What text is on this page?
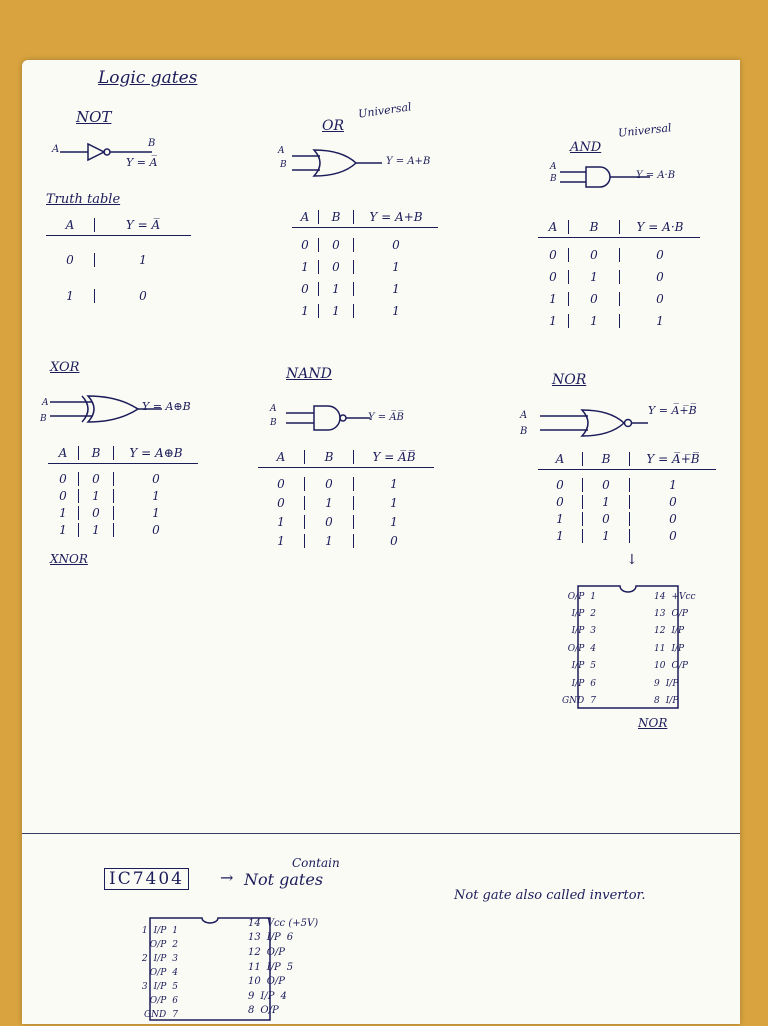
Logic gates
NOT
A
B
Y = A̅
Truth table
A	Y = A̅
0	1
1	0
OR
Universal
A
B	Y = A+B
A	B	Y = A+B
0	0	0
1	0	1
0	1	1
1	1	1
AND
Universal
A
B	Y = A·B
A	B	Y = A·B
0	0	0
0	1	0
1	0	0
1	1	1
XOR
A
B
Y = A⊕B
A	B	Y = A⊕B
0	0	0
0	1	1
1	0	1
1	1	0
XNOR
NAND
A
B	Y = A̅B̅
A	B	Y = A̅B̅
0	0	1
0	1	1
1	0	1
1	1	0
NOR
A
B
Y = A̅+̅B̅
A	B	Y = A̅+̅B̅
0	0	1
0	1	0
1	0	0
1	1	0
↓
O/P 1
I/P 2
I/P 3
O/P 4
I/P 5
I/P 6
GND 7
14 +Vcc
13 O/P
12 I/P
11 I/P
10 O/P
9 I/P
8 I/P
NOR
Contain
IC7404	→ Not gates
Not gate also called invertor.
1 I/P 1
O/P 2
2 I/P 3
O/P 4
3 I/P 5
O/P 6
GND 7
14 Vcc (+5V)
13 I/P 6
12 O/P
11 I/P 5
10 O/P
9 I/P 4
8 O/P
